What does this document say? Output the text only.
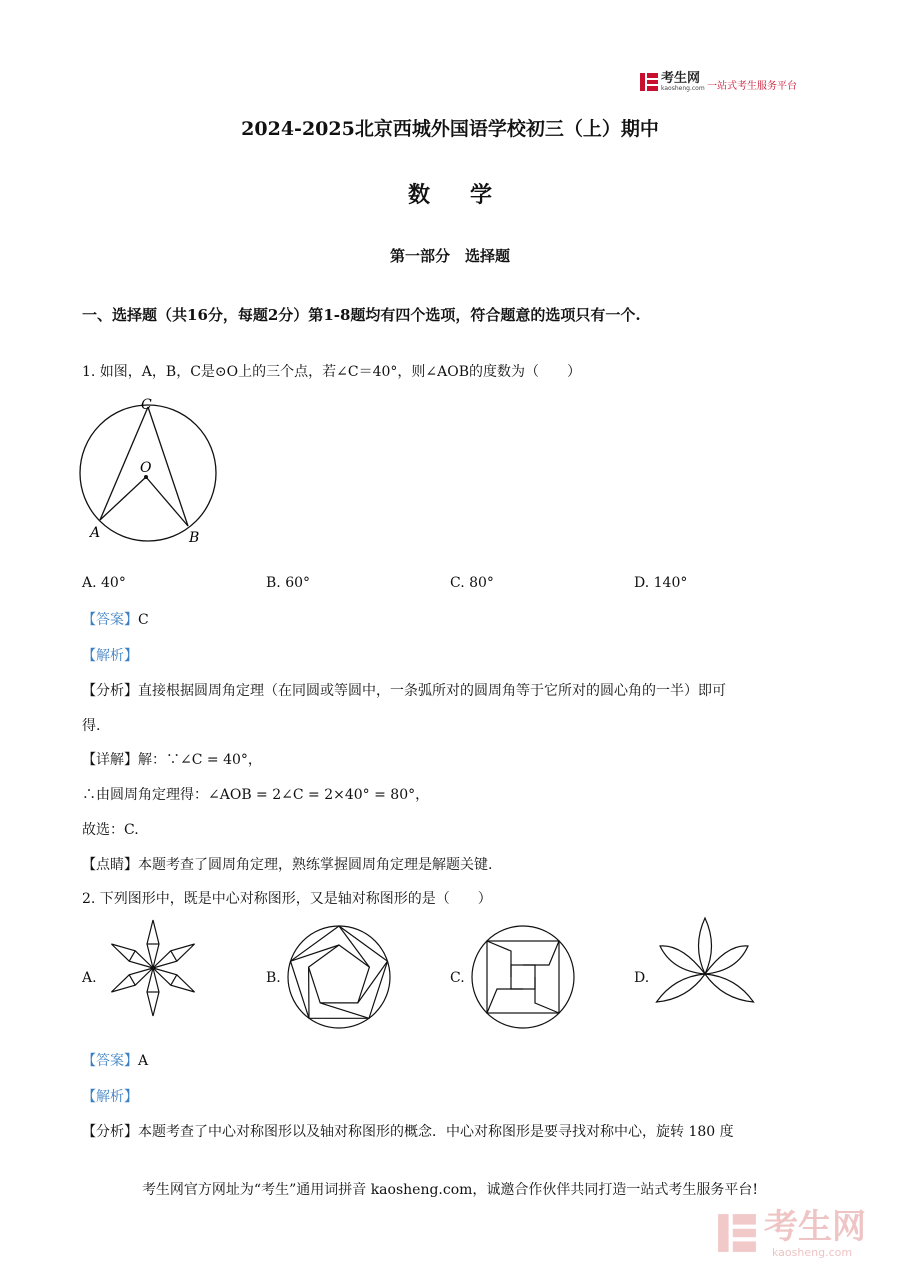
考生网
kaosheng.com 一站式考生服务平台
2024-2025北京西城外国语学校初三（上）期中
数学
第一部分　选择题
一、选择题（共16分，每题2分）第1-8题均有四个选项，符合题意的选项只有一个.
1. 如图，A，B，C是⊙O上的三个点，若∠C＝40°，则∠AOB的度数为（　　）
C
O
A	B
A. 40°	B. 60°	C. 80°	D. 140°
【答案】C
【解析】
【分析】直接根据圆周角定理（在同圆或等圆中，一条弧所对的圆周角等于它所对的圆心角的一半）即可
得.
【详解】解：∵∠C = 40°，
∴由圆周角定理得：∠AOB = 2∠C = 2×40° = 80°，
故选：C.
【点睛】本题考查了圆周角定理，熟练掌握圆周角定理是解题关键.
2. 下列图形中，既是中心对称图形，又是轴对称图形的是（　　）
A.	B.	C.	D.
【答案】A
【解析】
【分析】本题考查了中心对称图形以及轴对称图形的概念．中心对称图形是要寻找对称中心，旋转 180 度
考生网官方网址为“考生”通用词拼音 kaosheng.com，诚邀合作伙伴共同打造一站式考生服务平台!
考生网
kaosheng.com
